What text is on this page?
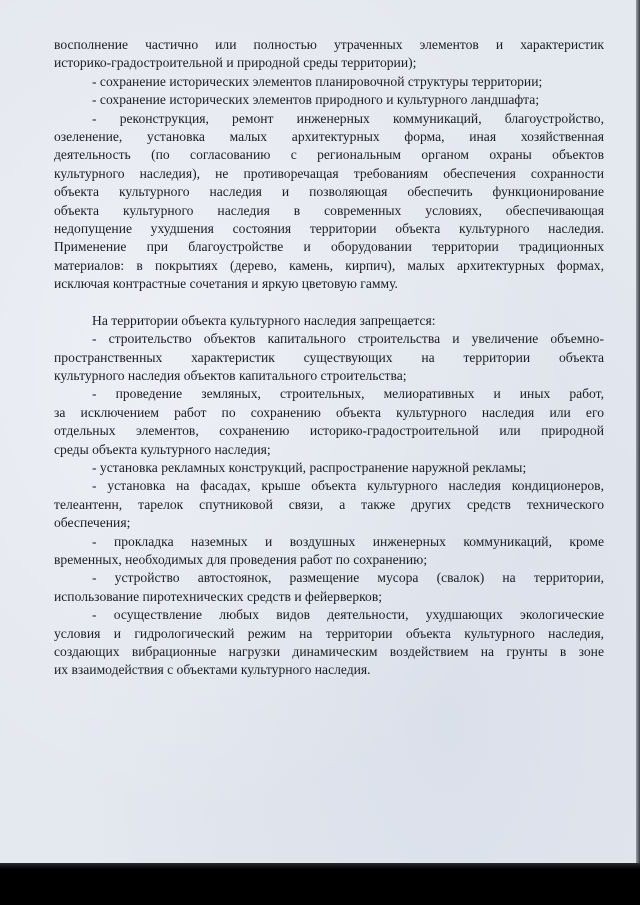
восполнение частично или полностью утраченных элементов и характеристик

историко-градостроительной и природной среды территории);

- сохранение исторических элементов планировочной структуры территории;

- сохранение исторических элементов природного и культурного ландшафта;

- реконструкция, ремонт инженерных коммуникаций, благоустройство,

озеленение, установка малых архитектурных форма, иная хозяйственная

деятельность (по согласованию с региональным органом охраны объектов

культурного наследия), не противоречащая требованиям обеспечения сохранности

объекта культурного наследия и позволяющая обеспечить функционирование

объекта культурного наследия в современных условиях, обеспечивающая

недопущение ухудшения состояния территории объекта культурного наследия.

Применение при благоустройстве и оборудовании территории традиционных

материалов: в покрытиях (дерево, камень, кирпич), малых архитектурных формах,

исключая контрастные сочетания и яркую цветовую гамму.

На территории объекта культурного наследия запрещается:

- строительство объектов капитального строительства и увеличение объемно-

пространственных характеристик существующих на территории объекта

культурного наследия объектов капитального строительства;

- проведение земляных, строительных, мелиоративных и иных работ,

за исключением работ по сохранению объекта культурного наследия или его

отдельных элементов, сохранению историко-градостроительной или природной

среды объекта культурного наследия;

- установка рекламных конструкций, распространение наружной рекламы;

- установка на фасадах, крыше объекта культурного наследия кондиционеров,

телеантенн, тарелок спутниковой связи, а также других средств технического

обеспечения;

- прокладка наземных и воздушных инженерных коммуникаций, кроме

временных, необходимых для проведения работ по сохранению;

- устройство автостоянок, размещение мусора (свалок) на территории,

использование пиротехнических средств и фейерверков;

- осуществление любых видов деятельности, ухудшающих экологические

условия и гидрологический режим на территории объекта культурного наследия,

создающих вибрационные нагрузки динамическим воздействием на грунты в зоне

их взаимодействия с объектами культурного наследия.
